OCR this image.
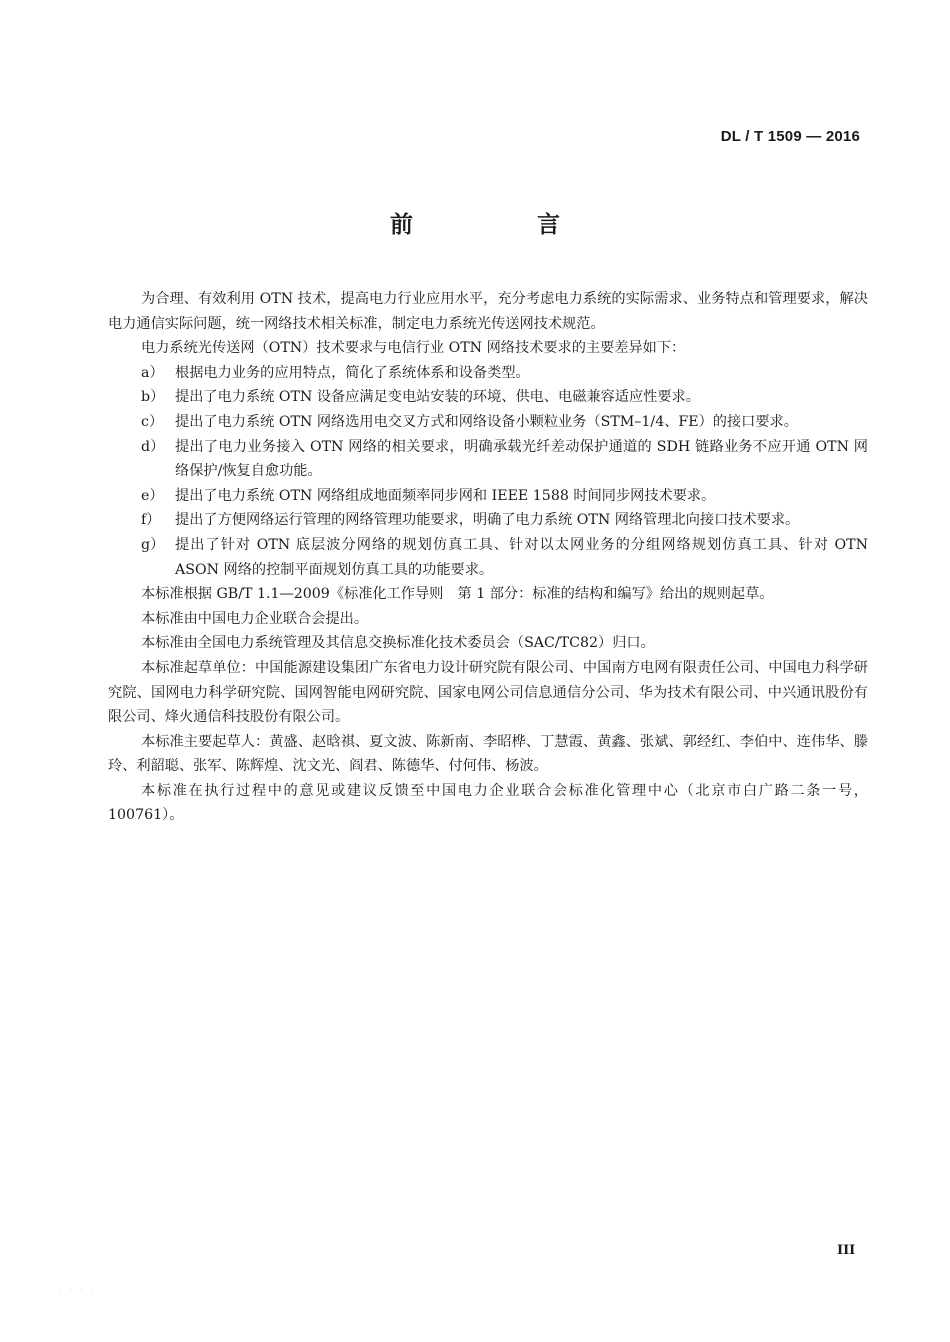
DL / T 1509 — 2016
前 言

为合理、有效利用 OTN 技术，提高电力行业应用水平，充分考虑电力系统的实际需求、业务特点和管理要求，解决电力通信实际问题，统一网络技术相关标准，制定电力系统光传送网技术规范。

电力系统光传送网（OTN）技术要求与电信行业 OTN 网络技术要求的主要差异如下：

a） 根据电力业务的应用特点，简化了系统体系和设备类型。
b） 提出了电力系统 OTN 设备应满足变电站安装的环境、供电、电磁兼容适应性要求。
c） 提出了电力系统 OTN 网络选用电交叉方式和网络设备小颗粒业务（STM–1/4、FE）的接口要求。
d） 提出了电力业务接入 OTN 网络的相关要求，明确承载光纤差动保护通道的 SDH 链路业务不应开通 OTN 网络保护/恢复自愈功能。
e） 提出了电力系统 OTN 网络组成地面频率同步网和 IEEE 1588 时间同步网技术要求。
f）	提出了方便网络运行管理的网络管理功能要求，明确了电力系统 OTN 网络管理北向接口技术要求。
g） 提出了针对 OTN 底层波分网络的规划仿真工具、针对以太网业务的分组网络规划仿真工具、针对 OTN ASON 网络的控制平面规划仿真工具的功能要求。

本标准根据 GB/T 1.1—2009《标准化工作导则　第 1 部分：标准的结构和编写》给出的规则起草。

本标准由中国电力企业联合会提出。

本标准由全国电力系统管理及其信息交换标准化技术委员会（SAC/TC82）归口。

本标准起草单位：中国能源建设集团广东省电力设计研究院有限公司、中国南方电网有限责任公司、中国电力科学研究院、国网电力科学研究院、国网智能电网研究院、国家电网公司信息通信分公司、华为技术有限公司、中兴通讯股份有限公司、烽火通信科技股份有限公司。

本标准主要起草人：黄盛、赵晗祺、夏文波、陈新南、李昭桦、丁慧霞、黄鑫、张斌、郭经红、李伯中、连伟华、滕玲、利韶聪、张军、陈辉煌、沈文光、阎君、陈德华、付何伟、杨波。

本标准在执行过程中的意见或建议反馈至中国电力企业联合会标准化管理中心（北京市白广路二条一号，100761）。

III
· · · ·
